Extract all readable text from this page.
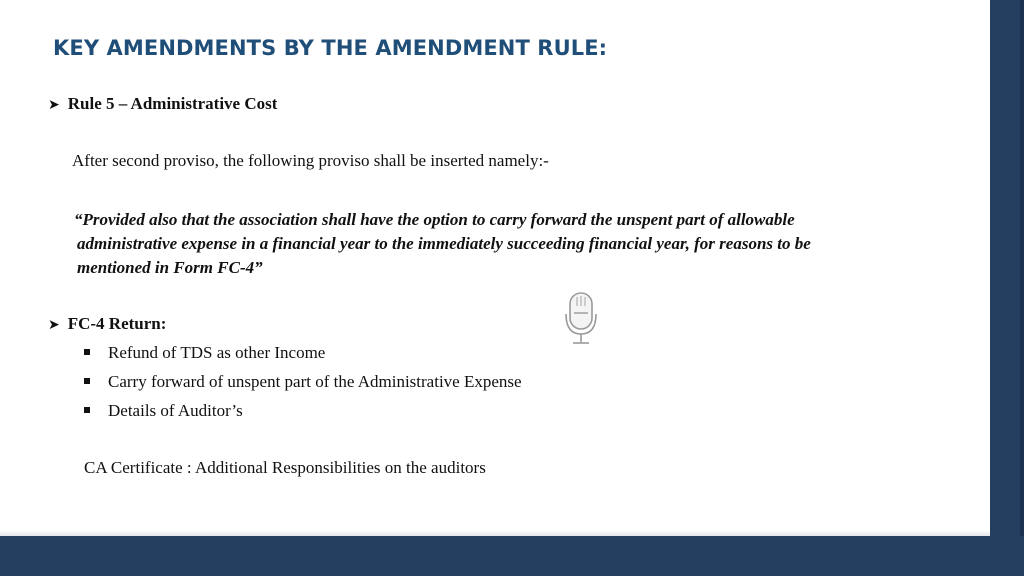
KEY AMENDMENTS BY THE AMENDMENT RULE:
➤ Rule 5 – Administrative Cost
After second proviso, the following proviso shall be inserted namely:-
“Provided also that the association shall have the option to carry forward the unspent part of allowable
administrative expense in a financial year to the immediately succeeding financial year, for reasons to be
mentioned in Form FC-4”
➤ FC-4 Return:
Refund of TDS as other Income
Carry forward of unspent part of the Administrative Expense
Details of Auditor’s
CA Certificate : Additional Responsibilities on the auditors
